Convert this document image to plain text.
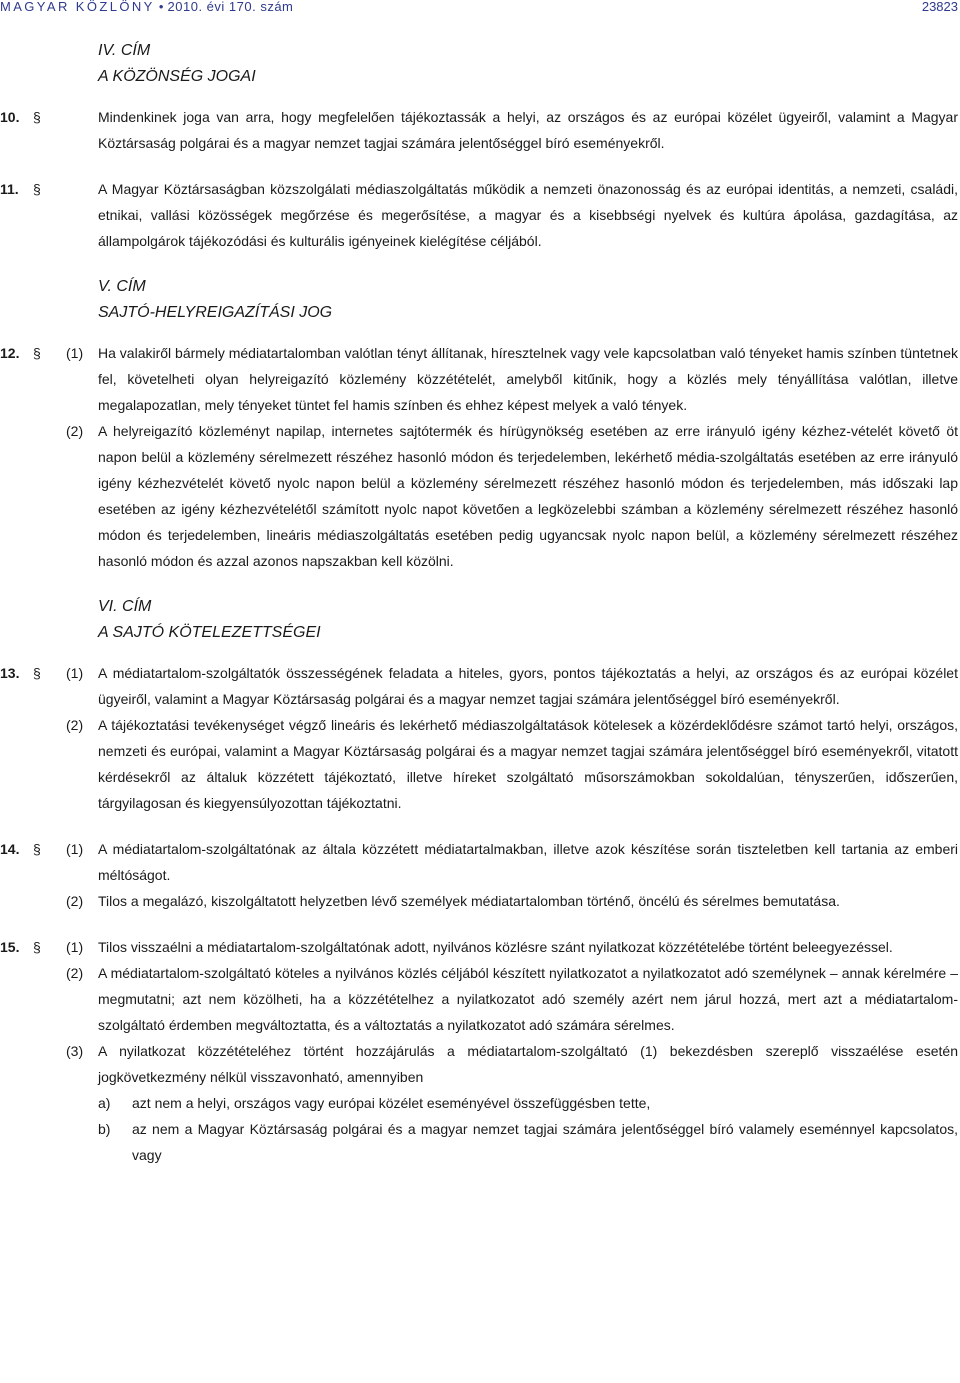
MAGYAR KÖZLÖNY • 2010. évi 170. szám	23823
IV. CÍM
A KÖZÖNSÉG JOGAI
10. §	Mindenkinek joga van arra, hogy megfelelően tájékoztassák a helyi, az országos és az európai közélet ügyeiről, valamint a Magyar Köztársaság polgárai és a magyar nemzet tagjai számára jelentőséggel bíró eseményekről.
11. §	A Magyar Köztársaságban közszolgálati médiaszolgáltatás működik a nemzeti önazonosság és az európai identitás, a nemzeti, családi, etnikai, vallási közösségek megőrzése és megerősítése, a magyar és a kisebbségi nyelvek és kultúra ápolása, gazdagítása, az állampolgárok tájékozódási és kulturális igényeinek kielégítése céljából.
V. CÍM
SAJTÓ-HELYREIGAZÍTÁSI JOG
12. § (1) Ha valakiről bármely médiatartalomban valótlan tényt állítanak, híresztelnek vagy vele kapcsolatban való tényeket hamis színben tüntetnek fel, követelheti olyan helyreigazító közlemény közzétételét, amelyből kitűnik, hogy a közlés mely tényállítása valótlan, illetve megalapozatlan, mely tényeket tüntet fel hamis színben és ehhez képest melyek a való tények.
(2) A helyreigazító közleményt napilap, internetes sajtótermék és hírügynökség esetében az erre irányuló igény kézhez-vételét követő öt napon belül a közlemény sérelmezett részéhez hasonló módon és terjedelemben, lekérhető média-szolgáltatás esetében az erre irányuló igény kézhezvételét követő nyolc napon belül a közlemény sérelmezett részéhez hasonló módon és terjedelemben, más időszaki lap esetében az igény kézhezvételétől számított nyolc napot követően a legközelebbi számban a közlemény sérelmezett részéhez hasonló módon és terjedelemben, lineáris médiaszolgáltatás esetében pedig ugyancsak nyolc napon belül, a közlemény sérelmezett részéhez hasonló módon és azzal azonos napszakban kell közölni.
VI. CÍM
A SAJTÓ KÖTELEZETTSÉGEI
13. § (1) A médiatartalom-szolgáltatók összességének feladata a hiteles, gyors, pontos tájékoztatás a helyi, az országos és az európai közélet ügyeiről, valamint a Magyar Köztársaság polgárai és a magyar nemzet tagjai számára jelentőséggel bíró eseményekről.
(2) A tájékoztatási tevékenységet végző lineáris és lekérhető médiaszolgáltatások kötelesek a közérdeklődésre számot tartó helyi, országos, nemzeti és európai, valamint a Magyar Köztársaság polgárai és a magyar nemzet tagjai számára jelentőséggel bíró eseményekről, vitatott kérdésekről az általuk közzétett tájékoztató, illetve híreket szolgáltató műsorszámokban sokoldalúan, tényszerűen, időszerűen, tárgyilagosan és kiegyensúlyozottan tájékoztatni.
14. § (1) A médiatartalom-szolgáltatónak az általa közzétett médiatartalmakban, illetve azok készítése során tiszteletben kell tartania az emberi méltóságot.
(2) Tilos a megalázó, kiszolgáltatott helyzetben lévő személyek médiatartalomban történő, öncélú és sérelmes bemutatása.
15. § (1) Tilos visszaélni a médiatartalom-szolgáltatónak adott, nyilvános közlésre szánt nyilatkozat közzétételébe történt beleegyezéssel.
(2) A médiatartalom-szolgáltató köteles a nyilvános közlés céljából készített nyilatkozatot a nyilatkozatot adó személynek – annak kérelmére – megmutatni; azt nem közölheti, ha a közzétételhez a nyilatkozatot adó személy azért nem járul hozzá, mert azt a médiatartalom-szolgáltató érdemben megváltoztatta, és a változtatás a nyilatkozatot adó számára sérelmes.
(3) A nyilatkozat közzétételéhez történt hozzájárulás a médiatartalom-szolgáltató (1) bekezdésben szereplő visszaélése esetén jogkövetkezmény nélkül visszavonható, amennyiben
a) azt nem a helyi, országos vagy európai közélet eseményével összefüggésben tette,
b) az nem a Magyar Köztársaság polgárai és a magyar nemzet tagjai számára jelentőséggel bíró valamely eseménnyel kapcsolatos, vagy
